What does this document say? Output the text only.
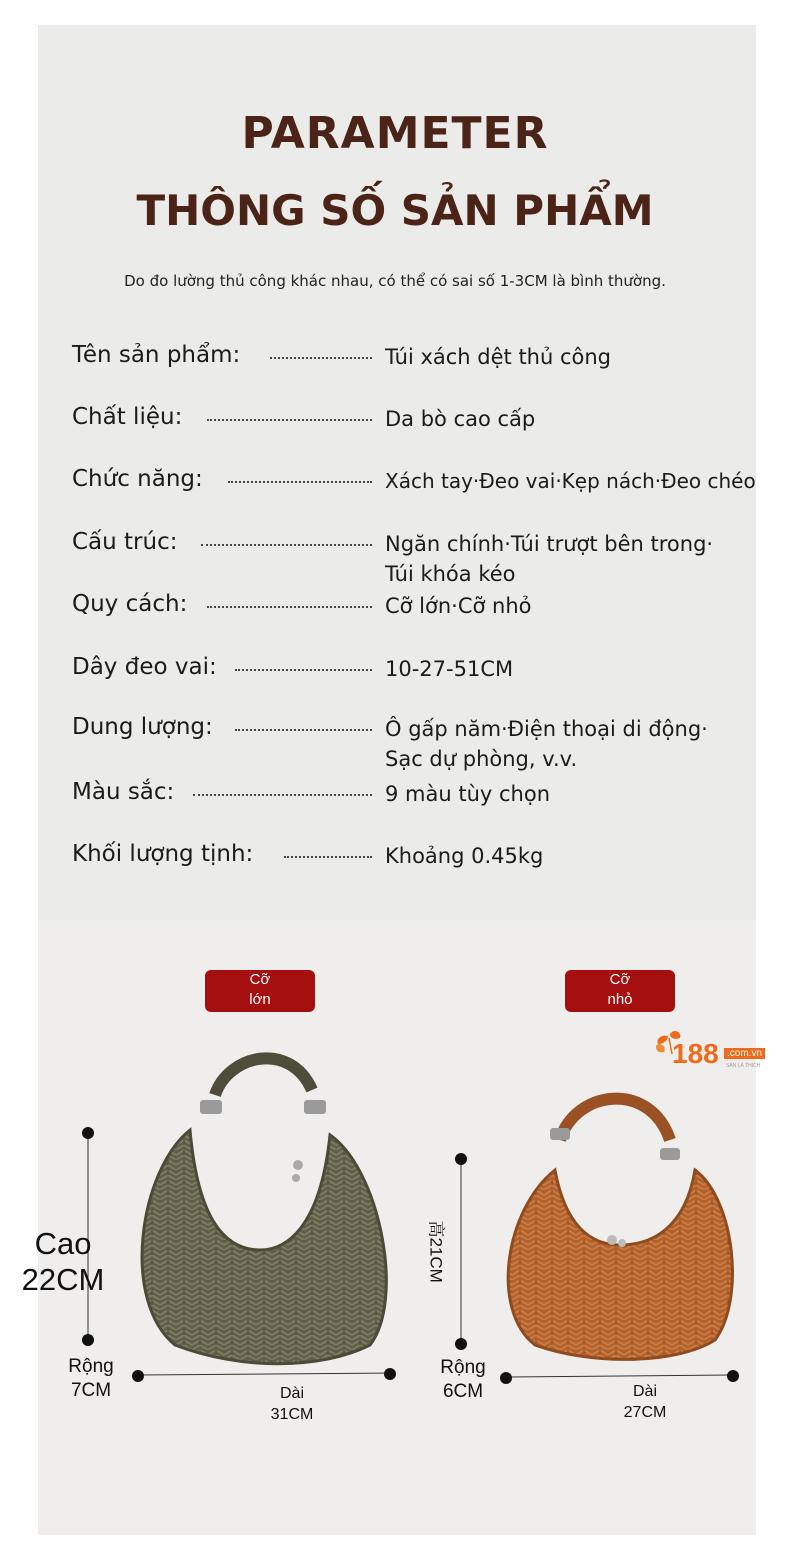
PARAMETER
THÔNG SỐ SẢN PHẨM
Do đo lường thủ công khác nhau, có thể có sai số 1-3CM là bình thường.
Tên sản phẩm:	Túi xách dệt thủ công
Chất liệu:	Da bò cao cấp
Chức năng:	Xách tay·Đeo vai·Kẹp nách·Đeo chéo
Cấu trúc:	Ngăn chính·Túi trượt bên trong·
Túi khóa kéo
Quy cách:	Cỡ lớn·Cỡ nhỏ
Dây đeo vai:	10-27-51CM
Dung lượng:	Ô gấp năm·Điện thoại di động·
Sạc dự phòng, v.v.
Màu sắc:	9 màu tùy chọn
Khối lượng tịnh:	Khoảng 0.45kg
Cỡ
lớn
Cỡ
nhỏ
188 .com.vn
SĂN LÀ THÍCH
Cao
22CM
Rộng
7CM	Dài
31CM
高21CM
Rộng
6CM	Dài
27CM
